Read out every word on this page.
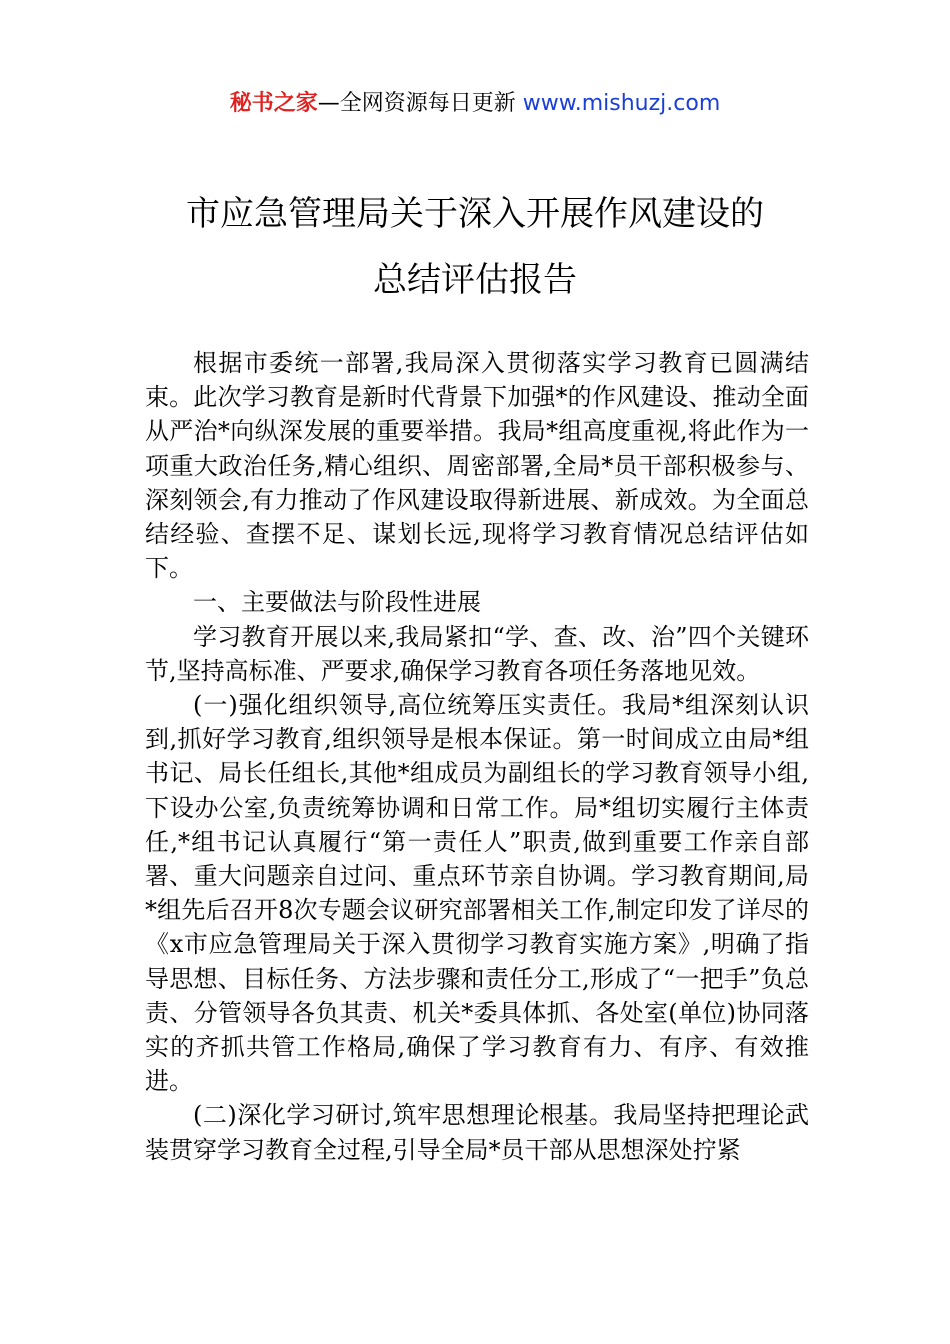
秘书之家—全网资源每日更新 www.mishuzj.com
市应急管理局关于深入开展作风建设的
总结评估报告

根据市委统一部署,我局深入贯彻落实学习教育已圆满结束。此次学习教育是新时代背景下加强*的作风建设、推动全面从严治*向纵深发展的重要举措。我局*组高度重视,将此作为一项重大政治任务,精心组织、周密部署,全局*员干部积极参与、深刻领会,有力推动了作风建设取得新进展、新成效。为全面总结经验、查摆不足、谋划长远,现将学习教育情况总结评估如下。

一、主要做法与阶段性进展

学习教育开展以来,我局紧扣“学、查、改、治”四个关键环节,坚持高标准、严要求,确保学习教育各项任务落地见效。

(一)强化组织领导,高位统筹压实责任。我局*组深刻认识到,抓好学习教育,组织领导是根本保证。第一时间成立由局*组书记、局长任组长,其他*组成员为副组长的学习教育领导小组,下设办公室,负责统筹协调和日常工作。局*组切实履行主体责任,*组书记认真履行“第一责任人”职责,做到重要工作亲自部署、重大问题亲自过问、重点环节亲自协调。学习教育期间,局*组先后召开8次专题会议研究部署相关工作,制定印发了详尽的《x市应急管理局关于深入贯彻学习教育实施方案》,明确了指导思想、目标任务、方法步骤和责任分工,形成了“一把手”负总责、分管领导各负其责、机关*委具体抓、各处室(单位)协同落实的齐抓共管工作格局,确保了学习教育有力、有序、有效推进。

(二)深化学习研讨,筑牢思想理论根基。我局坚持把理论武装贯穿学习教育全过程,引导全局*员干部从思想深处拧紧
